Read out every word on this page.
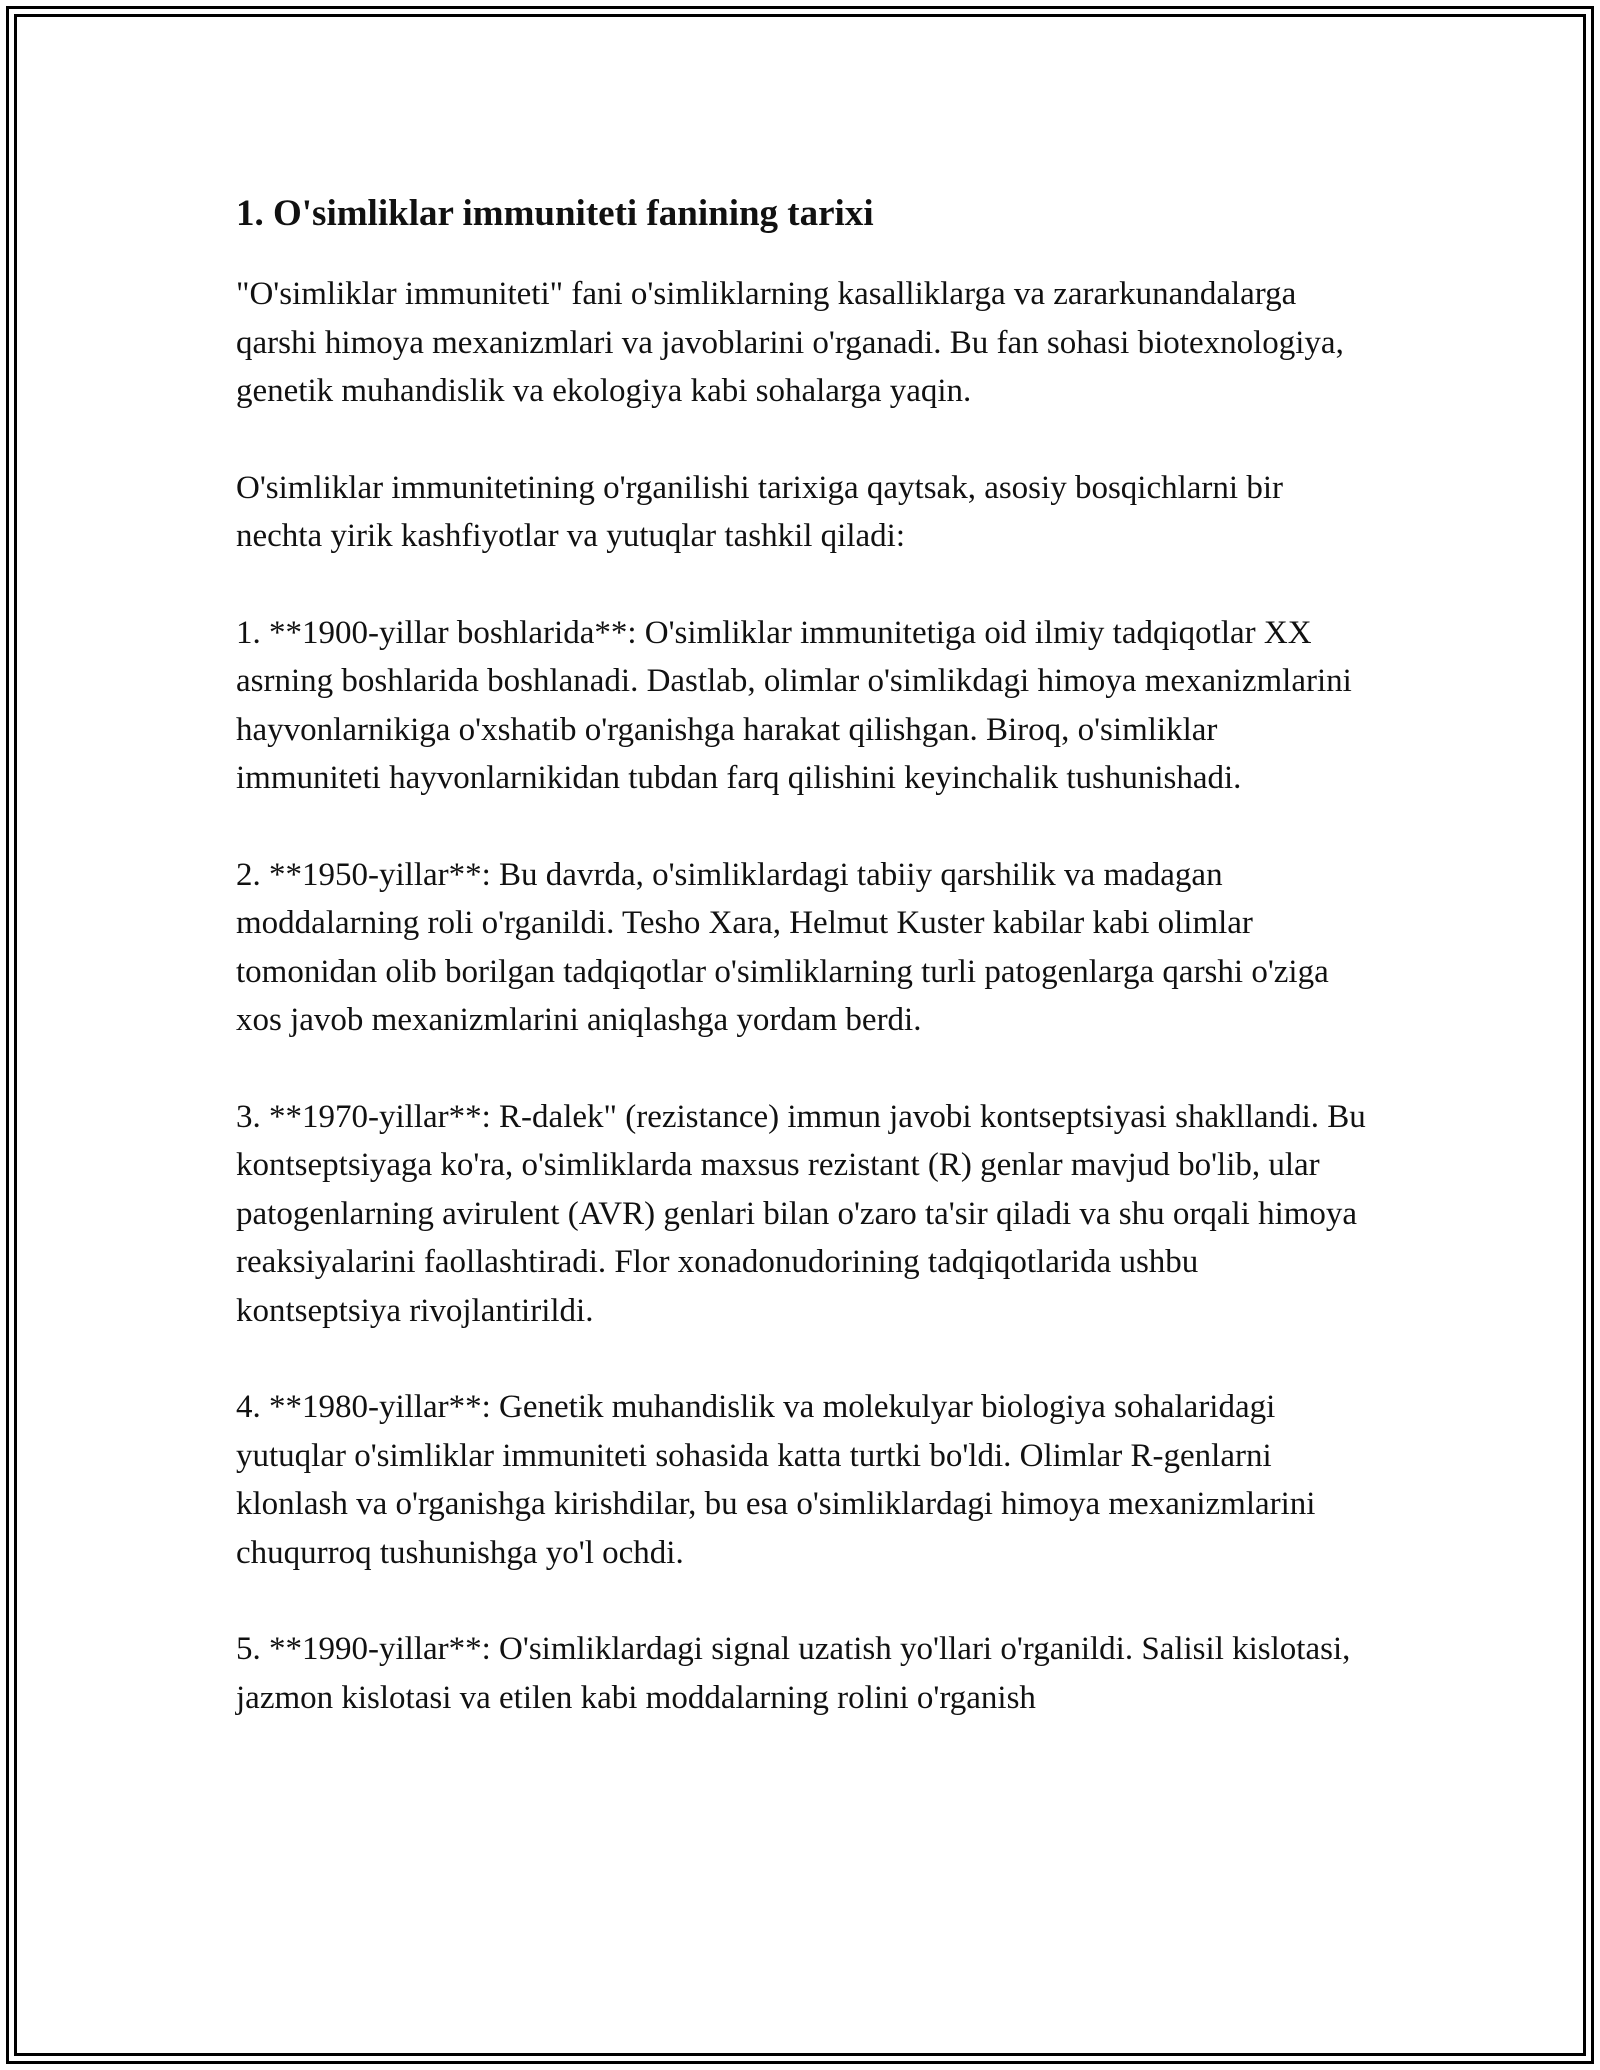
1. O'simliklar immuniteti fanining tarixi

"O'simliklar immuniteti" fani o'simliklarning kasalliklarga va zararkunandalarga qarshi himoya mexanizmlari va javoblarini o'rganadi. Bu fan sohasi biotexnologiya, genetik muhandislik va ekologiya kabi sohalarga yaqin.

O'simliklar immunitetining o'rganilishi tarixiga qaytsak, asosiy bosqichlarni bir nechta yirik kashfiyotlar va yutuqlar tashkil qiladi:

1. **1900-yillar boshlarida**: O'simliklar immunitetiga oid ilmiy tadqiqotlar XX asrning boshlarida boshlanadi. Dastlab, olimlar o'simlikdagi himoya mexanizmlarini hayvonlarnikiga o'xshatib o'rganishga harakat qilishgan. Biroq, o'simliklar immuniteti hayvonlarnikidan tubdan farq qilishini keyinchalik tushunishadi.

2. **1950-yillar**: Bu davrda, o'simliklardagi tabiiy qarshilik va madagan moddalarning roli o'rganildi. Tesho Xara, Helmut Kuster kabilar kabi olimlar tomonidan olib borilgan tadqiqotlar o'simliklarning turli patogenlarga qarshi o'ziga xos javob mexanizmlarini aniqlashga yordam berdi.

3. **1970-yillar**: R-dalek" (rezistance) immun javobi kontseptsiyasi shakllandi. Bu kontseptsiyaga ko'ra, o'simliklarda maxsus rezistant (R) genlar mavjud bo'lib, ular patogenlarning avirulent (AVR) genlari bilan o'zaro ta'sir qiladi va shu orqali himoya reaksiyalarini faollashtiradi. Flor xonadonudorining tadqiqotlarida ushbu kontseptsiya rivojlantirildi.

4. **1980-yillar**: Genetik muhandislik va molekulyar biologiya sohalaridagi yutuqlar o'simliklar immuniteti sohasida katta turtki bo'ldi. Olimlar R-genlarni klonlash va o'rganishga kirishdilar, bu esa o'simliklardagi himoya mexanizmlarini chuqurroq tushunishga yo'l ochdi.

5. **1990-yillar**: O'simliklardagi signal uzatish yo'llari o'rganildi. Salisil kislotasi, jazmon kislotasi va etilen kabi moddalarning rolini o'rganish
